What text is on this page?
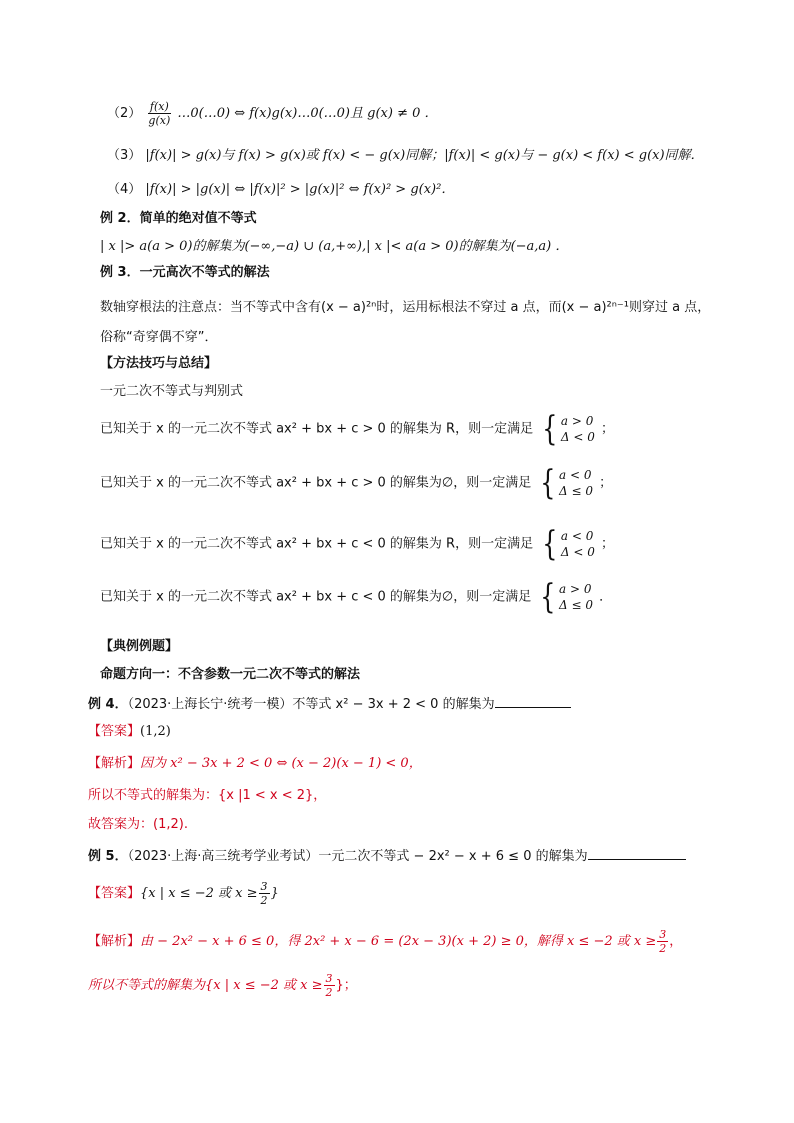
$(2) \frac{f(x)}{g(x)}$ …0(…0) ⇔ f(x)g(x)…0(…0)且 g(x) ≠ 0 ．
（3） |f(x)| > g(x)与 f(x) > g(x)或 f(x) < − g(x)同解；|f(x)| < g(x)与 − g(x) < f(x) < g(x)同解．
（4） |f(x)| > |g(x)| ⇔ |f(x)|² > |g(x)|² ⇔ f(x)² > g(x)²．
例 2．简单的绝对值不等式
| x |> a(a > 0)的解集为(−∞,−a) ∪ (a,+∞),| x |< a(a > 0)的解集为(−a,a) ．
例 3．一元高次不等式的解法
数轴穿根法的注意点：当不等式中含有(x − a)²ⁿ时，运用标根法不穿过 a 点，而(x − a)²ⁿ⁻¹则穿过 a 点，
俗称“奇穿偶不穿”．
【方法技巧与总结】
一元二次不等式与判别式
已知关于 x 的一元二次不等式 ax² + bx + c > 0 的解集为 R，则一定满足 { a > 0
Δ < 0
；
已知关于 x 的一元二次不等式 ax² + bx + c > 0 的解集为∅，则一定满足 { a < 0
Δ ≤ 0
；
已知关于 x 的一元二次不等式 ax² + bx + c < 0 的解集为 R，则一定满足 { a < 0
Δ < 0
；
已知关于 x 的一元二次不等式 ax² + bx + c < 0 的解集为∅，则一定满足 { a > 0
Δ ≤ 0
．
【典例例题】
命题方向一：不含参数一元二次不等式的解法
例 4．（2023·上海长宁·统考一模）不等式 x² − 3x + 2 < 0 的解集为
【答案】(1,2)
【解析】因为 x² − 3x + 2 < 0 ⇔ (x − 2)(x − 1) < 0，
所以不等式的解集为：{x |1 < x < 2}，
故答案为：(1,2).
例 5．（2023·上海·高三统考学业考试）一元二次不等式 − 2x² − x + 6 ≤ 0 的解集为
【答案】{x | x ≤ −2 或 $x \ge \frac{3}{2}$ }
【解析】由 − 2x² − x + 6 ≤ 0，得 2x² + x − 6 = (2x − 3)(x + 2) ≥ 0，解得 x ≤ −2 或 $x \ge \frac{3}{2}$ ，
所以不等式的解集为{x | x ≤ −2 或 $x \ge \frac{3}{2}$ }；
